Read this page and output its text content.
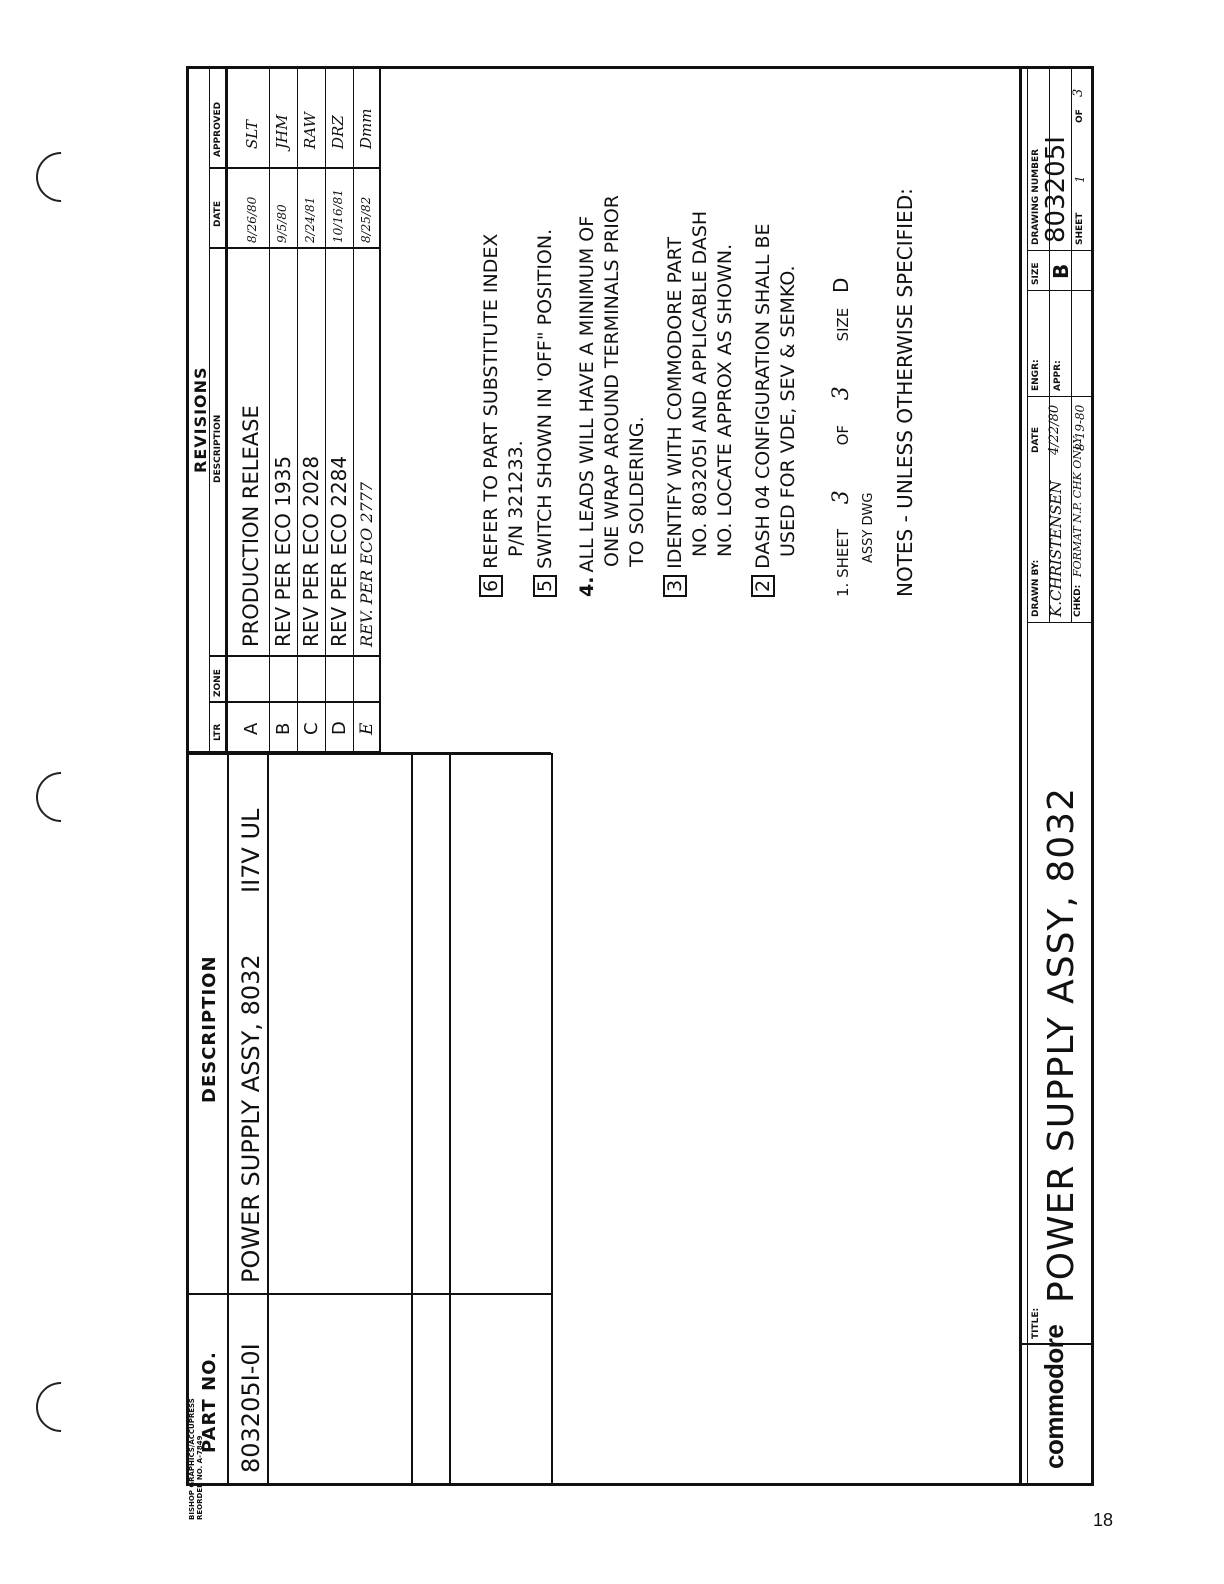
PART NO.
DESCRIPTION
803205I-0I
POWER SUPPLY ASSY, 8032
II7V UL
REVISIONS
LTR
ZONE
DESCRIPTION
DATE
APPROVED
A
PRODUCTION RELEASE
8/26/80
SLT
B
REV PER ECO 1935
9/5/80
JHM
C
REV PER ECO 2028
2/24/81
RAW
D
REV PER ECO 2284
10/16/81
DRZ
E
REV. PER ECO 2777
8/25/82
Dmm
6REFER TO PART SUBSTITUTE INDEX P/N 321233.
5SWITCH SHOWN IN 'OFF" POSITION.
4.ALL LEADS WILL HAVE A MINIMUM OF ONE WRAP AROUND TERMINALS PRIOR TO SOLDERING.
3IDENTIFY WITH COMMODORE PART NO. 803205I AND APPLICABLE DASH NO. LOCATE APPROX AS SHOWN.
2DASH 04 CONFIGURATION SHALL BE USED FOR VDE, SEV & SEMKO.
1. SHEET 3 OF 3 SIZE D
ASSY DWG NOTES - UNLESS OTHERWISE SPECIFIED:
commodore
TITLE:
POWER SUPPLY ASSY, 8032
DRAWN BY: K.CHRISTENSEN
DATE 4/22/80
CHKD:
FORMAT
N.P. CHK ONLY
8-19-80
ENGR: APPR:
SIZE B
DRAWING NUMBER 803205I SHEET
1
OF
3
BISHOP GRAPHICS/ACCUPRESS REORDER NO. A-7849	18
